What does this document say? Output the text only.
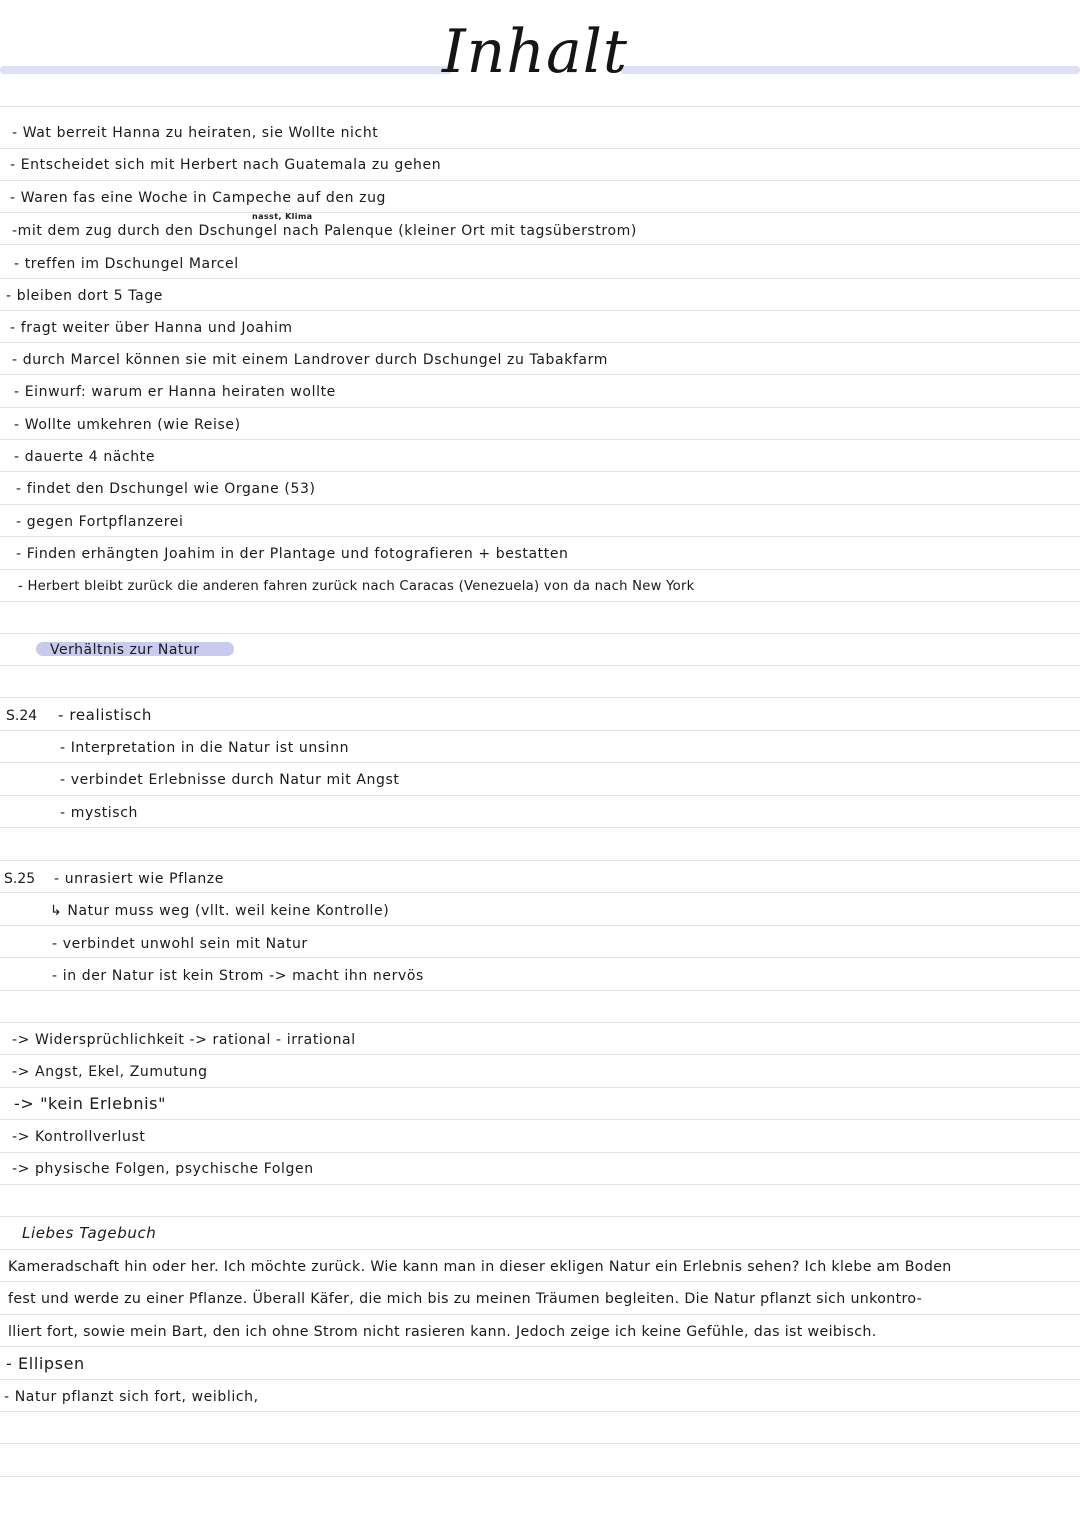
Inhalt
- Wat berreit Hanna zu heiraten, sie Wollte nicht
- Entscheidet sich mit Herbert nach Guatemala zu gehen
- Waren fas eine Woche in Campeche auf den zug
nasst, Klima
-mit dem zug durch den Dschungel nach Palenque (kleiner Ort mit tagsüberstrom)
- treffen im Dschungel Marcel
- bleiben dort 5 Tage
- fragt weiter über Hanna und Joahim
- durch Marcel können sie mit einem Landrover durch Dschungel zu Tabakfarm
- Einwurf: warum er Hanna heiraten wollte
- Wollte umkehren (wie Reise)
- dauerte 4 nächte
- findet den Dschungel wie Organe (53)
- gegen Fortpflanzerei
- Finden erhängten Joahim in der Plantage und fotografieren + bestatten
- Herbert bleibt zurück die anderen fahren zurück nach Caracas (Venezuela) von da nach New York
Verhältnis zur Natur
S.24 - realistisch
- Interpretation in die Natur ist unsinn
- verbindet Erlebnisse durch Natur mit Angst
- mystisch
S.25 - unrasiert wie Pflanze
↳ Natur muss weg (vllt. weil keine Kontrolle)
- verbindet unwohl sein mit Natur
- in der Natur ist kein Strom -> macht ihn nervös
-> Widersprüchlichkeit -> rational - irrational
-> Angst, Ekel, Zumutung
-> "kein Erlebnis"
-> Kontrollverlust
-> physische Folgen, psychische Folgen
Liebes Tagebuch
Kameradschaft hin oder her. Ich möchte zurück. Wie kann man in dieser ekligen Natur ein Erlebnis sehen? Ich klebe am Boden
fest und werde zu einer Pflanze. Überall Käfer, die mich bis zu meinen Träumen begleiten. Die Natur pflanzt sich unkontro-
lliert fort, sowie mein Bart, den ich ohne Strom nicht rasieren kann. Jedoch zeige ich keine Gefühle, das ist weibisch.
- Ellipsen
- Natur pflanzt sich fort, weiblich,
